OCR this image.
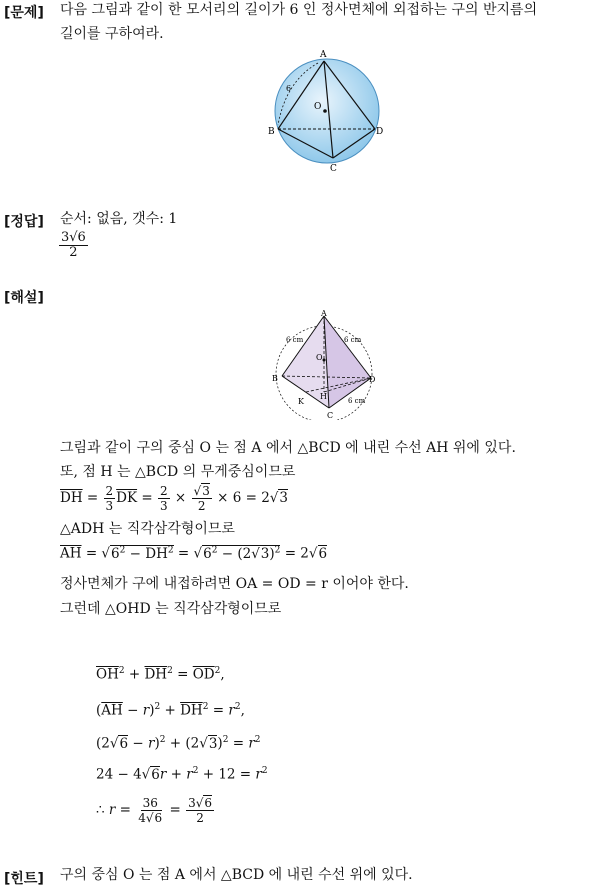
[문제] 다음 그림과 같이 한 모서리의 길이가 6 인 정사면체에 외접하는 구의 반지름의
길이를 구하여라.
A
B
C
D
O
6
[정답] 순서: 없음, 갯수: 1
$\frac{3√6}{2}$
[해설]
A
B
C
D
O
H
K
6 cm	6 cm
6 cm
그림과 같이 구의 중심 O 는 점 A 에서 △BCD 에 내린 수선 AH 위에 있다.
또, 점 H 는 △BCD 의 무게중심이므로
$\overline{DH} = \frac{2}{3} \overline{DK} = \frac{2}{3} \times \frac{√3}{2} \times 6 = 2√3$
△ADH 는 직각삼각형이므로
$\overline{AH} = √6^2 - \overline{DH}^2 = √6^2 - (2√3)^2 = 2√6$
정사면체가 구에 내접하려면 OA = OD = r 이어야 한다.
그런데 △OHD 는 직각삼각형이므로
$\overline{OH}^2 + \overline{DH}^2 = \overline{OD}^2$,
$(\overline{AH} - r)^2 + \overline{DH}^2 = r^2$,
$(2√6 - r)^2 + (2√3)^2 = r^2$
$24 - 4√6r + r^2 + 12 = r^2$
∴ $r = \frac{36}{4√6} = \frac{3√6}{2}$
[힌트] 구의 중심 O 는 점 A 에서 △BCD 에 내린 수선 위에 있다.
